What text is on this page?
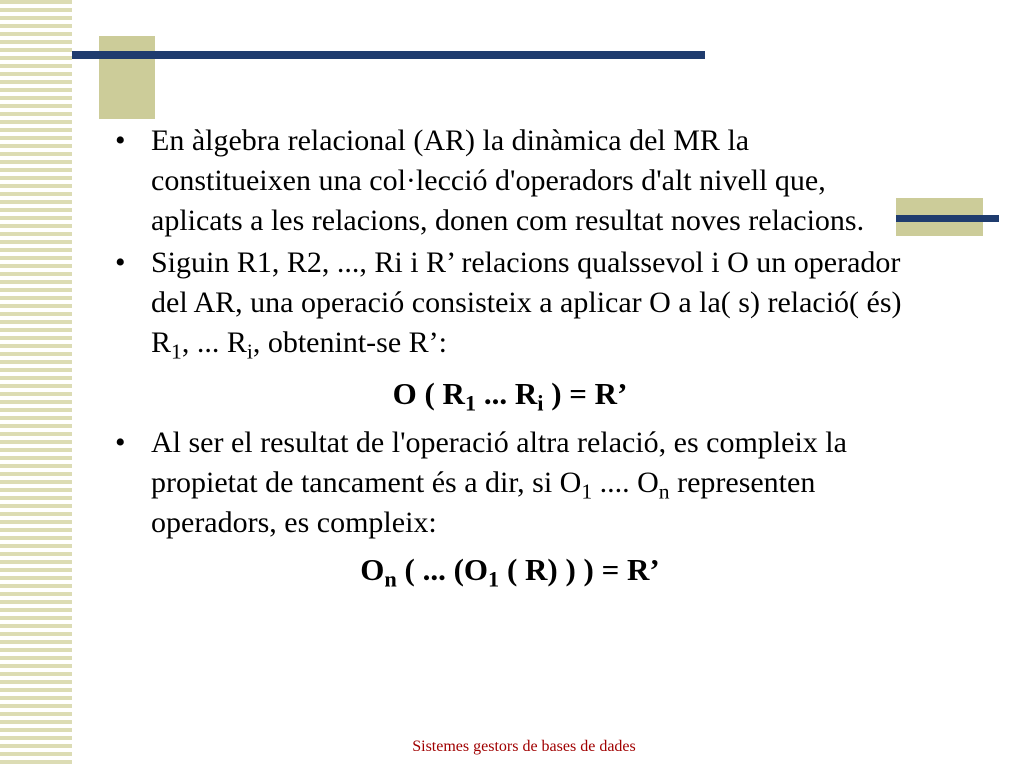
• En àlgebra relacional (AR) la dinàmica del MR la constitueixen una col·lecció d'operadors d'alt nivell que, aplicats a les relacions, donen com resultat noves relacions.

• Siguin R1, R2, ..., Ri i R’ relacions qualssevol i O un operador del AR, una operació consisteix a aplicar O a la( s) relació( és) $R_1$, ... $R_i$, obtenint-se R’:

O ( $R_1$ ... $R_i$ ) = R’

• Al ser el resultat de l'operació altra relació, es compleix la propietat de tancament és a dir, si $O_1$ .... $O_n$ representen operadors, es compleix:

$O_n$ ( ... ($O_1$ ( R) ) ) = R’
Sistemes gestors de bases de dades
